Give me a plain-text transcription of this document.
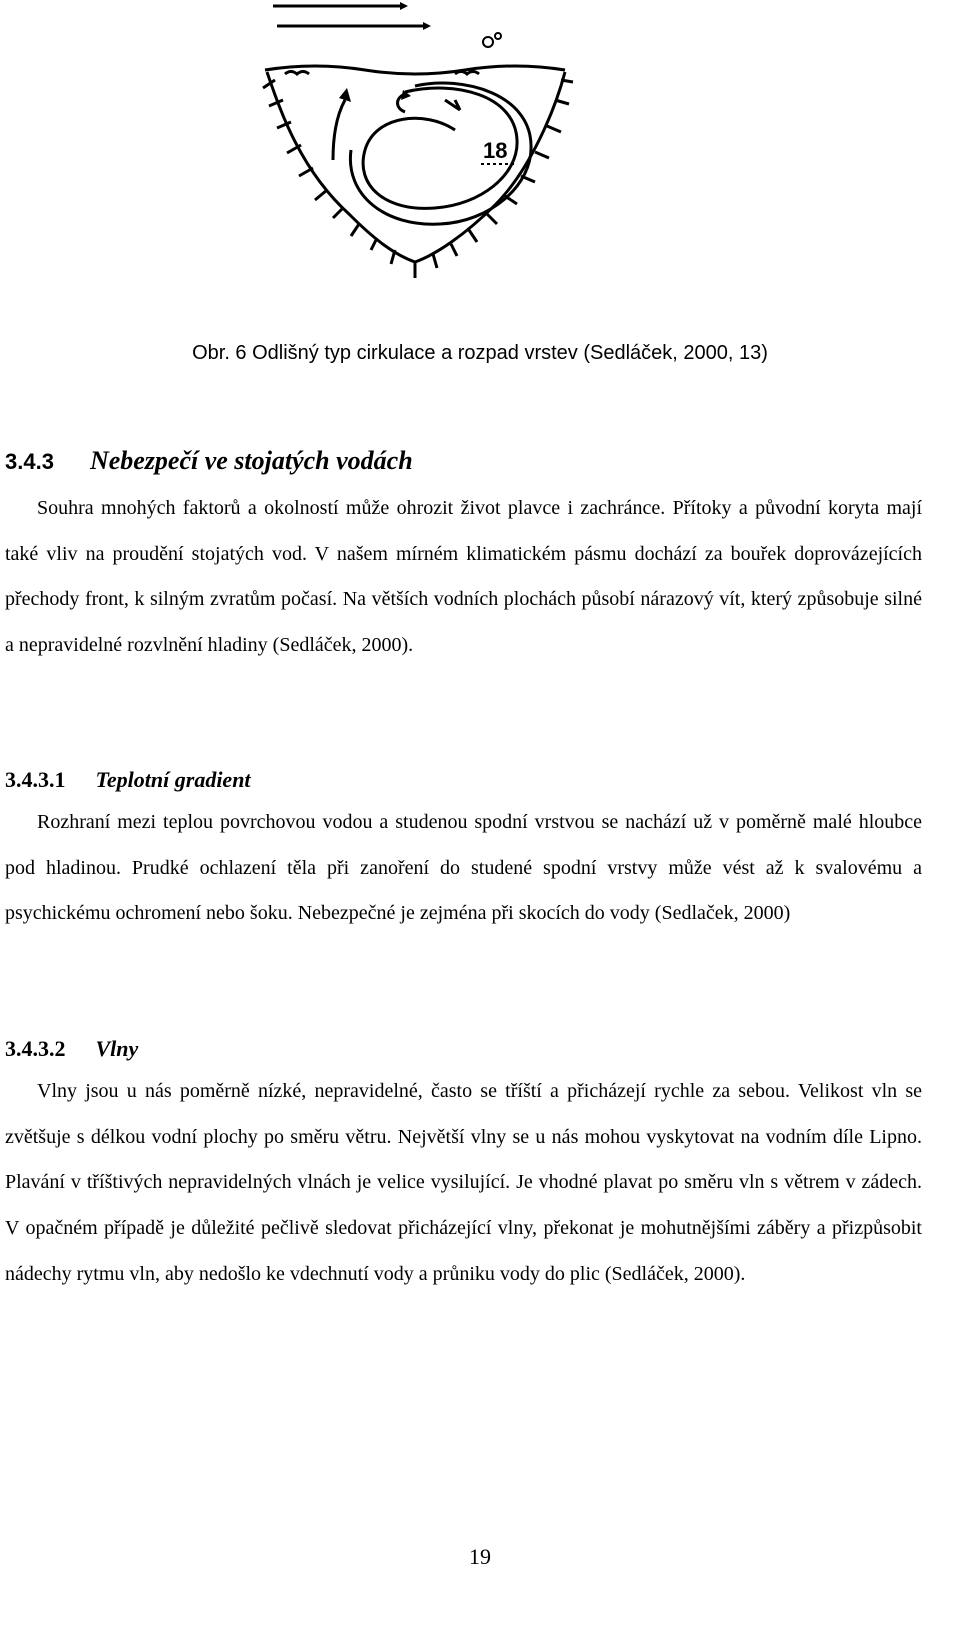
18
Obr. 6 Odlišný typ cirkulace a rozpad vrstev (Sedláček, 2000, 13)
3.4.3 Nebezpečí ve stojatých vodách
Souhra mnohých faktorů a okolností může ohrozit život plavce i zachránce. Přítoky a původní koryta mají také vliv na proudění stojatých vod. V našem mírném klimatickém pásmu dochází za bouřek doprovázejících přechody front, k silným zvratům počasí. Na větších vodních plochách působí nárazový vít, který způsobuje silné a nepravidelné rozvlnění hladiny (Sedláček, 2000).
3.4.3.1 Teplotní gradient
Rozhraní mezi teplou povrchovou vodou a studenou spodní vrstvou se nachází už v poměrně malé hloubce pod hladinou. Prudké ochlazení těla při zanoření do studené spodní vrstvy může vést až k svalovému a psychickému ochromení nebo šoku. Nebezpečné je zejména při skocích do vody (Sedlaček, 2000)
3.4.3.2 Vlny
Vlny jsou u nás poměrně nízké, nepravidelné, často se tříští a přicházejí rychle za sebou. Velikost vln se zvětšuje s délkou vodní plochy po směru větru. Největší vlny se u nás mohou vyskytovat na vodním díle Lipno. Plavání v tříštivých nepravidelných vlnách je velice vysilující. Je vhodné plavat po směru vln s větrem v zádech. V opačném případě je důležité pečlivě sledovat přicházející vlny, překonat je mohutnějšími záběry a přizpůsobit nádechy rytmu vln, aby nedošlo ke vdechnutí vody a průniku vody do plic (Sedláček, 2000).
19
